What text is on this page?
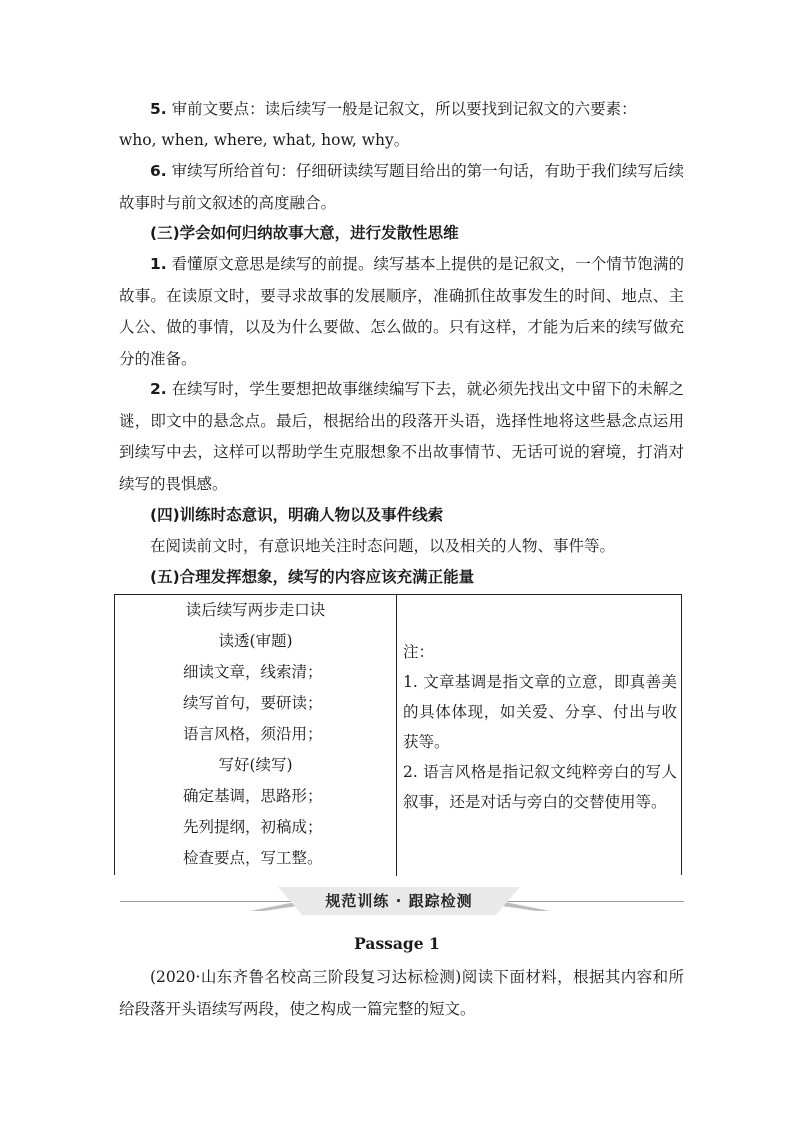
5. 审前文要点：读后续写一般是记叙文，所以要找到记叙文的六要素：

who, when, where, what, how, why。

6. 审续写所给首句：仔细研读续写题目给出的第一句话，有助于我们续写后续故事时与前文叙述的高度融合。

(三)学会如何归纳故事大意，进行发散性思维

1. 看懂原文意思是续写的前提。续写基本上提供的是记叙文，一个情节饱满的故事。在读原文时，要寻求故事的发展顺序，准确抓住故事发生的时间、地点、主人公、做的事情，以及为什么要做、怎么做的。只有这样，才能为后来的续写做充分的准备。

2. 在续写时，学生要想把故事继续编写下去，就必须先找出文中留下的未解之谜，即文中的悬念点。最后，根据给出的段落开头语，选择性地将这些悬念点运用到续写中去，这样可以帮助学生克服想象不出故事情节、无话可说的窘境，打消对续写的畏惧感。

(四)训练时态意识，明确人物以及事件线索

在阅读前文时，有意识地关注时态问题，以及相关的人物、事件等。

(五)合理发挥想象，续写的内容应该充满正能量

读后续写两步走口诀

读透(审题)

细读文章，线索清；

续写首句，要研读；

语言风格，须沿用；

写好(续写)

确定基调，思路形；

先列提纲，初稿成；

检查要点，写工整。

注：

1. 文章基调是指文章的立意，即真善美的具体体现，如关爱、分享、付出与收获等。

2. 语言风格是指记叙文纯粹旁白的写人叙事，还是对话与旁白的交替使用等。

规范训练 · 跟踪检测
Passage 1

(2020·山东齐鲁名校高三阶段复习达标检测)阅读下面材料，根据其内容和所给段落开头语续写两段，使之构成一篇完整的短文。
